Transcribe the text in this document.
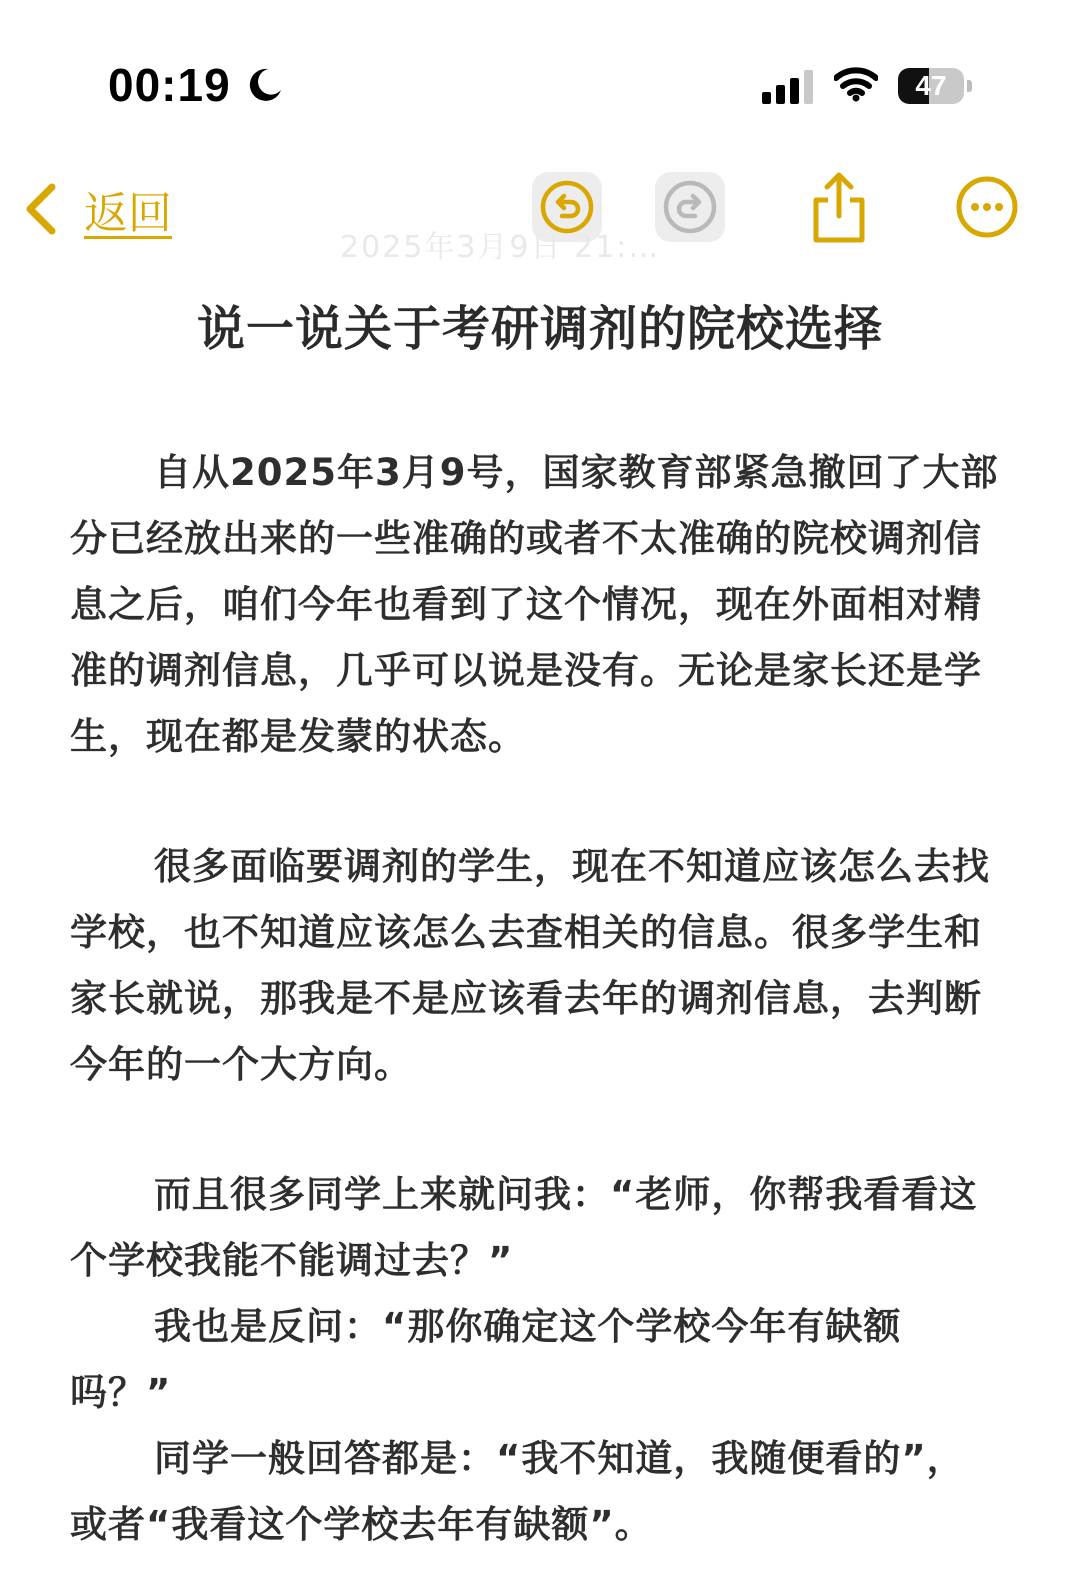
00:19	47
返回
2025年3月9日 21:…
说一说关于考研调剂的院校选择

自从2025年3月9号，国家教育部紧急撤回了大部分已经放出来的一些准确的或者不太准确的院校调剂信息之后，咱们今年也看到了这个情况，现在外面相对精准的调剂信息，几乎可以说是没有。无论是家长还是学生，现在都是发蒙的状态。

很多面临要调剂的学生，现在不知道应该怎么去找学校，也不知道应该怎么去查相关的信息。很多学生和家长就说，那我是不是应该看去年的调剂信息，去判断今年的一个大方向。

而且很多同学上来就问我：“老师，你帮我看看这个学校我能不能调过去？”

我也是反问：“那你确定这个学校今年有缺额吗？”

同学一般回答都是：“我不知道，我随便看的”，或者“我看这个学校去年有缺额”。
